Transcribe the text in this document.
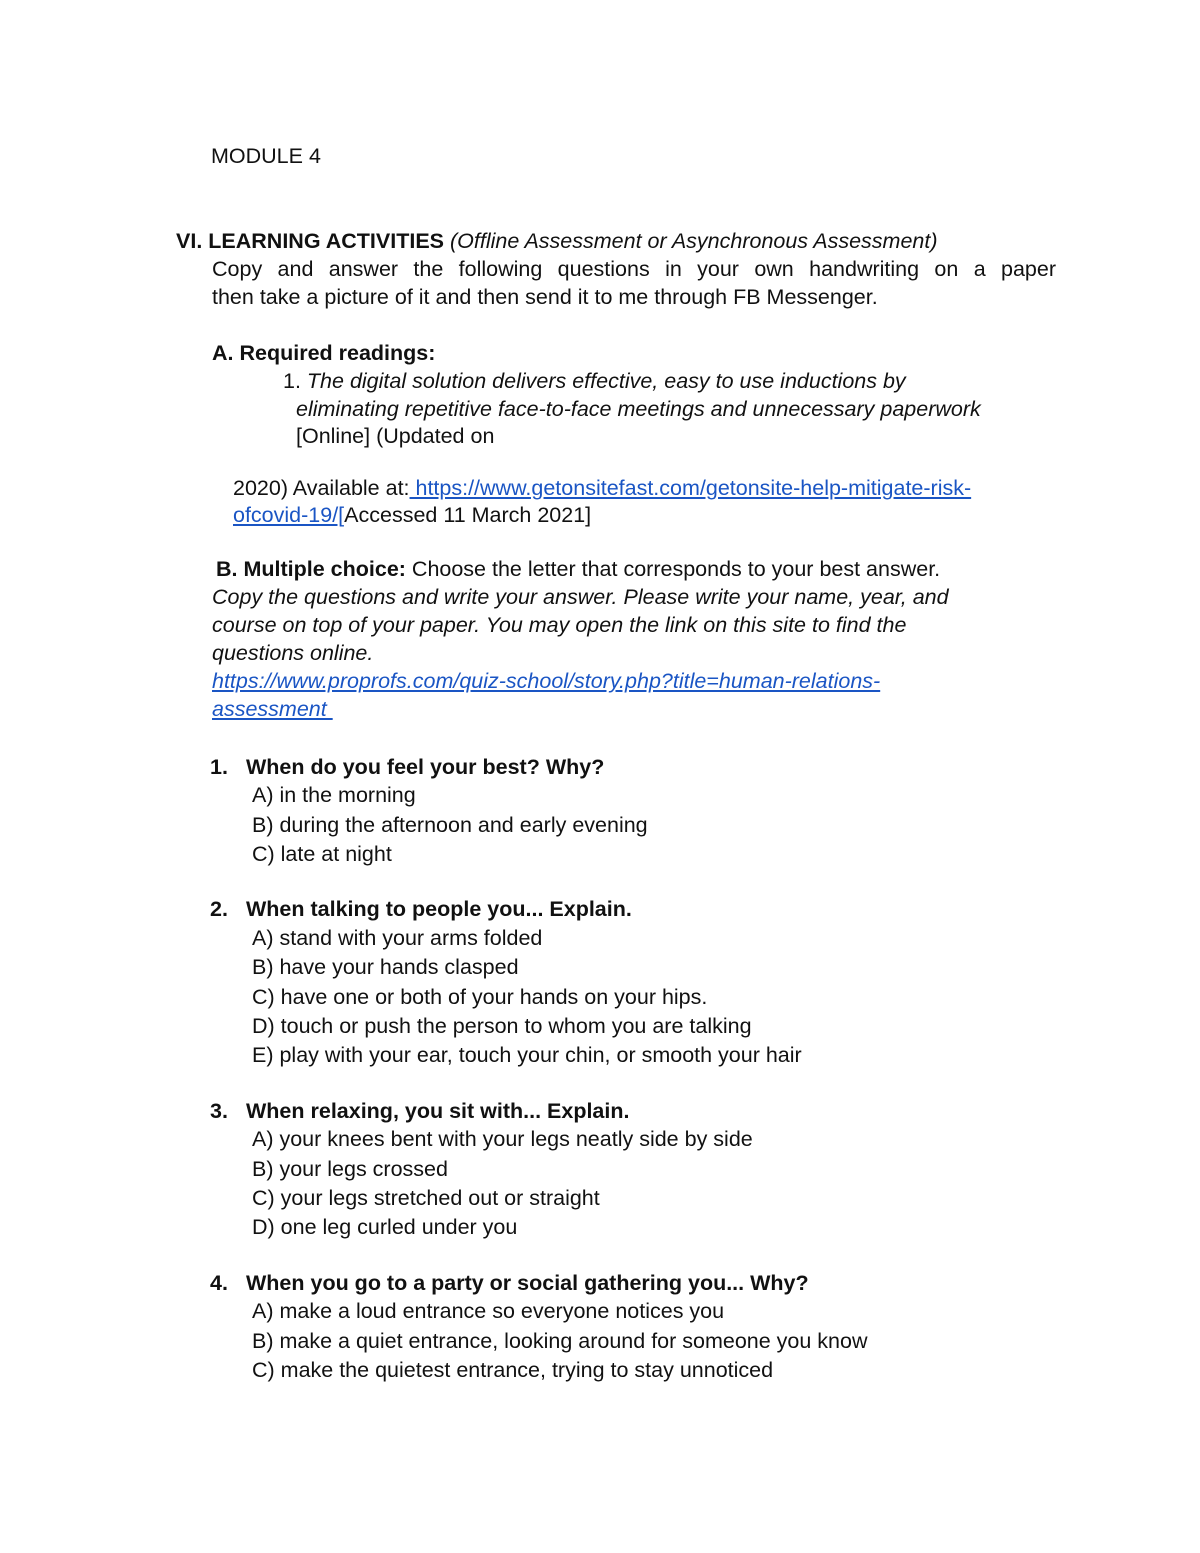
MODULE 4
VI. LEARNING ACTIVITIES (Offline Assessment or Asynchronous Assessment)
Copy and answer the following questions in your own handwriting on a paper
then take a picture of it and then send it to me through FB Messenger.
A. Required readings:
1. The digital solution delivers effective, easy to use inductions by
eliminating repetitive face-to-face meetings and unnecessary paperwork
[Online] (Updated on
2020) Available at: https://www.getonsitefast.com/getonsite-help-mitigate-risk-
ofcovid-19/[Accessed 11 March 2021]
B. Multiple choice: Choose the letter that corresponds to your best answer.
Copy the questions and write your answer. Please write your name, year, and
course on top of your paper. You may open the link on this site to find the
questions online.
https://www.proprofs.com/quiz-school/story.php?title=human-relations-
assessment
1. When do you feel your best? Why?
A) in the morning
B) during the afternoon and early evening
C) late at night
2. When talking to people you... Explain.
A) stand with your arms folded
B) have your hands clasped
C) have one or both of your hands on your hips.
D) touch or push the person to whom you are talking
E) play with your ear, touch your chin, or smooth your hair
3. When relaxing, you sit with... Explain.
A) your knees bent with your legs neatly side by side
B) your legs crossed
C) your legs stretched out or straight
D) one leg curled under you
4. When you go to a party or social gathering you... Why?
A) make a loud entrance so everyone notices you
B) make a quiet entrance, looking around for someone you know
C) make the quietest entrance, trying to stay unnoticed
